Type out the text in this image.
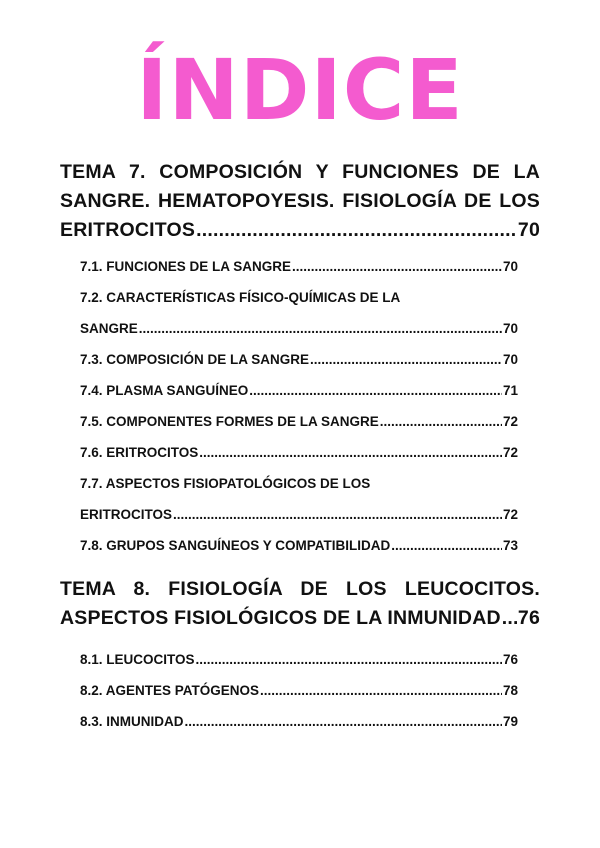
ÍNDICE
TEMA 7. COMPOSICIÓN Y FUNCIONES DE LA SANGRE. HEMATOPOYESIS. FISIOLOGÍA DE LOS
ERITROCITOS .....	70
7.1. FUNCIONES DE LA SANGRE .....	70
7.2. CARACTERÍSTICAS FÍSICO-QUÍMICAS DE LA
SANGRE .....	70
7.3. COMPOSICIÓN DE LA SANGRE .....	70
7.4. PLASMA SANGUÍNEO .....	71
7.5. COMPONENTES FORMES DE LA SANGRE .....	72
7.6. ERITROCITOS .....	72
7.7. ASPECTOS FISIOPATOLÓGICOS DE LOS
ERITROCITOS .....	72
7.8. GRUPOS SANGUÍNEOS Y COMPATIBILIDAD .....	73
TEMA 8. FISIOLOGÍA DE LOS LEUCOCITOS.
ASPECTOS FISIOLÓGICOS DE LA INMUNIDAD ..... 76
8.1. LEUCOCITOS .....	76
8.2. AGENTES PATÓGENOS .....	78
8.3. INMUNIDAD .....	79
